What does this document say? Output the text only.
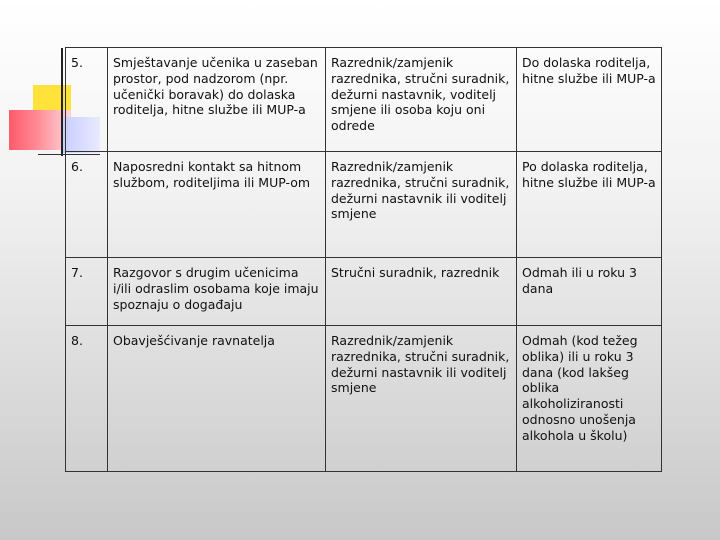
5.	Smještavanje učenika u zaseban prostor, pod nadzorom (npr. učenički boravak) do dolaska roditelja, hitne službe ili MUP-a	Razrednik/zamjenik razrednika, stručni suradnik, dežurni nastavnik, voditelj smjene ili osoba koju oni odrede	Do dolaska roditelja, hitne službe ili MUP-a
6.	Naposredni kontakt sa hitnom službom, roditeljima ili MUP-om	Razrednik/zamjenik razrednika, stručni suradnik, dežurni nastavnik ili voditelj smjene	Po dolaska roditelja, hitne službe ili MUP-a
7.	Razgovor s drugim učenicima i/ili odraslim osobama koje imaju spoznaju o događaju	Stručni suradnik, razrednik	Odmah ili u roku 3 dana
8.	Obavješćivanje ravnatelja	Razrednik/zamjenik razrednika, stručni suradnik, dežurni nastavnik ili voditelj smjene	Odmah (kod težeg oblika) ili u roku 3 dana (kod lakšeg oblika alkoholiziranosti odnosno unošenja alkohola u školu)
